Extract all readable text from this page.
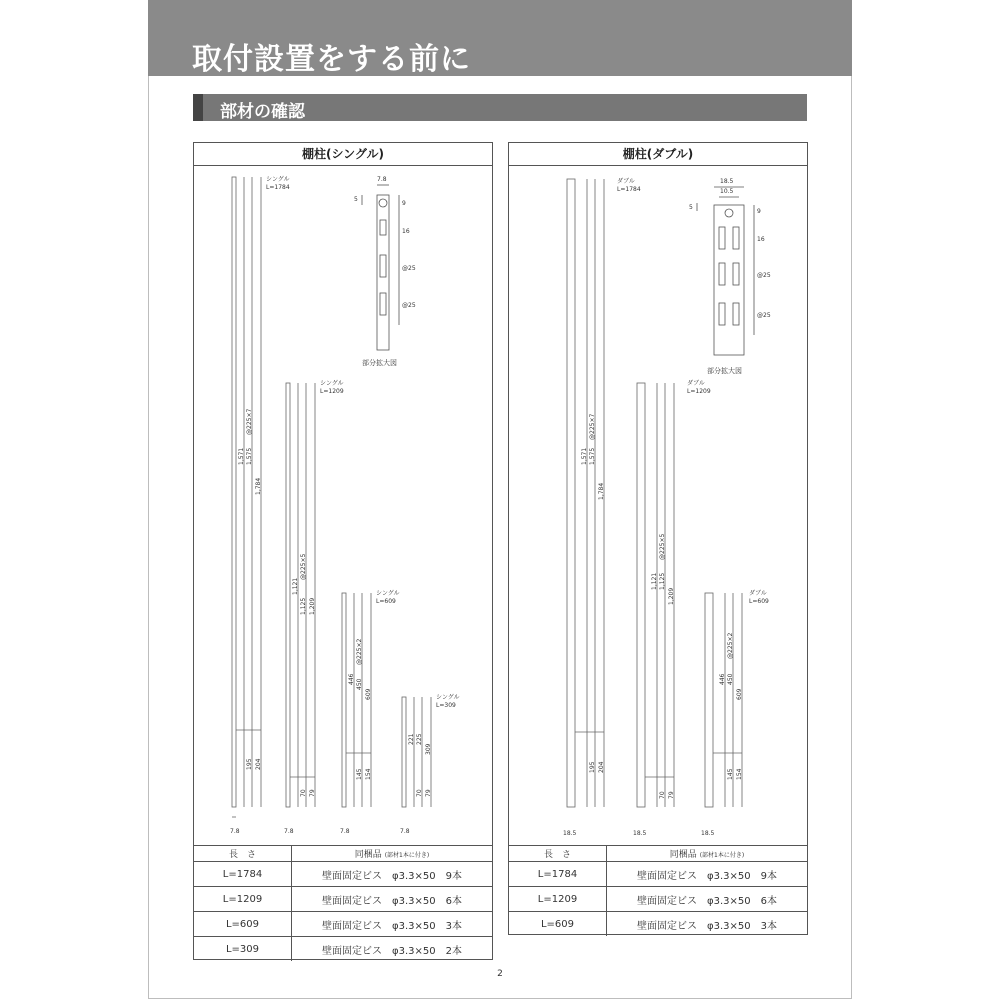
取付設置をする前に
部材の確認
棚柱(シングル)
7.8
5
9
16
@25
@25
部分拡大図
シングル
L=1784
1,571 1,575
@225×7
1,784
195 204
7.8
シングル
L=1209
1,121
1,125
@225×5
1,209
70 79
7.8
シングル
L=609
446 450
@225×2
609
145 154
7.8
シングル
L=309
221 225
309
70 79
7.8
長　さ	同梱品 (部材1本に付き)
L=1784	壁面固定ビス　φ3.3×50　9本
L=1209	壁面固定ビス　φ3.3×50　6本
L=609	壁面固定ビス　φ3.3×50　3本
L=309	壁面固定ビス　φ3.3×50　2本
棚柱(ダブル)
18.5
10.5
5
9
16
@25
@25
部分拡大図
ダブル
L=1784
1,571 1,575
@225×7
1,784
195 204
18.5
ダブル
L=1209
1,121 1,125
@225×5
1,209
70 79
18.5
ダブル
L=609
446 450
@225×2
609
145 154
18.5
長　さ	同梱品 (部材1本に付き)
L=1784	壁面固定ビス　φ3.3×50　9本
L=1209	壁面固定ビス　φ3.3×50　6本
L=609	壁面固定ビス　φ3.3×50　3本
2
